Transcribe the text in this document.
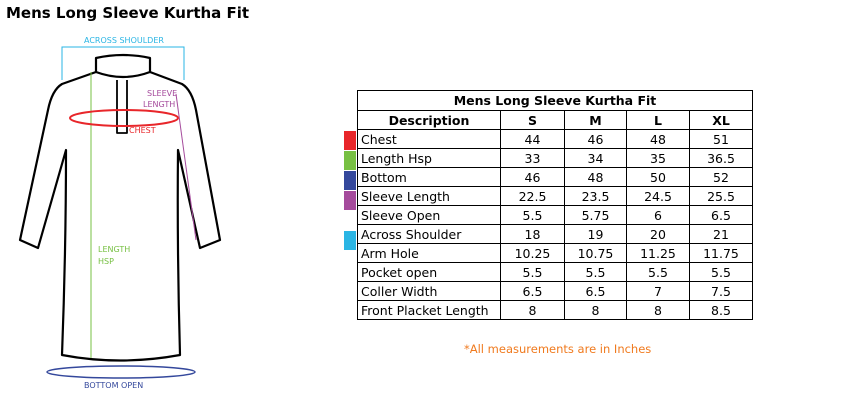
Mens Long Sleeve Kurtha Fit
ACROSS SHOULDER
SLEEVE
LENGTH
CHEST
LENGTH
HSP
BOTTOM OPEN
Mens Long Sleeve Kurtha Fit				
Description	S	M	L	XL
Chest	44	46	48	51
Length Hsp	33	34	35	36.5
Bottom	46	48	50	52
Sleeve Length	22.5	23.5	24.5	25.5
Sleeve Open	5.5	5.75	6	6.5
Across Shoulder	18	19	20	21
Arm Hole	10.25	10.75	11.25	11.75
Pocket open	5.5	5.5	5.5	5.5
Coller Width	6.5	6.5	7	7.5
Front Placket Length	8	8	8	8.5
*All measurements are in Inches
